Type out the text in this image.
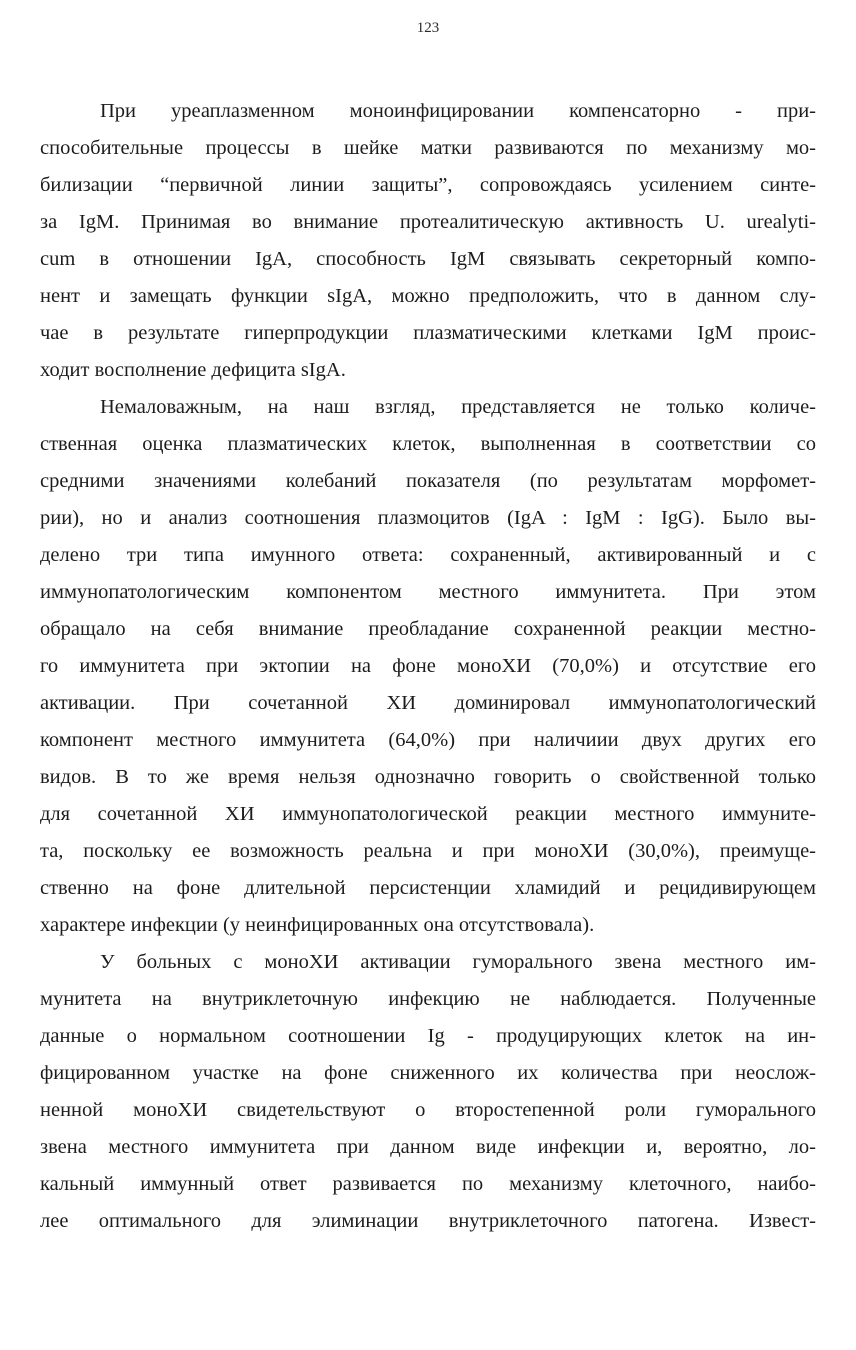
123
При уреаплазменном моноинфицировании компенсаторно - при-
способительные процессы в шейке матки развиваются по механизму мо-
билизации “первичной линии защиты”, сопровождаясь усилением синте-
за IgM. Принимая во внимание протеалитическую активность U. urealyti-
cum в отношении IgA, способность IgM связывать секреторный компо-
нент и замещать функции sIgA, можно предположить, что в данном слу-
чае в результате гиперпродукции плазматическими клетками IgM проис-
ходит восполнение дефицита sIgA.
Немаловажным, на наш взгляд, представляется не только количе-
ственная оценка плазматических клеток, выполненная в соответствии со
средними значениями колебаний показателя (по результатам морфомет-
рии), но и анализ соотношения плазмоцитов (IgA : IgM : IgG). Было вы-
делено три типа имунного ответа: сохраненный, активированный и с
иммунопатологическим компонентом местного иммунитета. При этом
обращало на себя внимание преобладание сохраненной реакции местно-
го иммунитета при эктопии на фоне моноХИ (70,0%) и отсутствие его
активации. При сочетанной ХИ доминировал иммунопатологический
компонент местного иммунитета (64,0%) при наличиии двух других его
видов. В то же время нельзя однозначно говорить о свойственной только
для сочетанной ХИ иммунопатологической реакции местного иммуните-
та, поскольку ее возможность реальна и при моноХИ (30,0%), преимуще-
ственно на фоне длительной персистенции хламидий и рецидивирующем
характере инфекции (у неинфицированных она отсутствовала).
У больных с моноХИ активации гуморального звена местного им-
мунитета на внутриклеточную инфекцию не наблюдается. Полученные
данные о нормальном соотношении Ig - продуцирующих клеток на ин-
фицированном участке на фоне сниженного их количества при неослож-
ненной моноХИ свидетельствуют о второстепенной роли гуморального
звена местного иммунитета при данном виде инфекции и, вероятно, ло-
кальный иммунный ответ развивается по механизму клеточного, наибо-
лее оптимального для элиминации внутриклеточного патогена. Извест-
